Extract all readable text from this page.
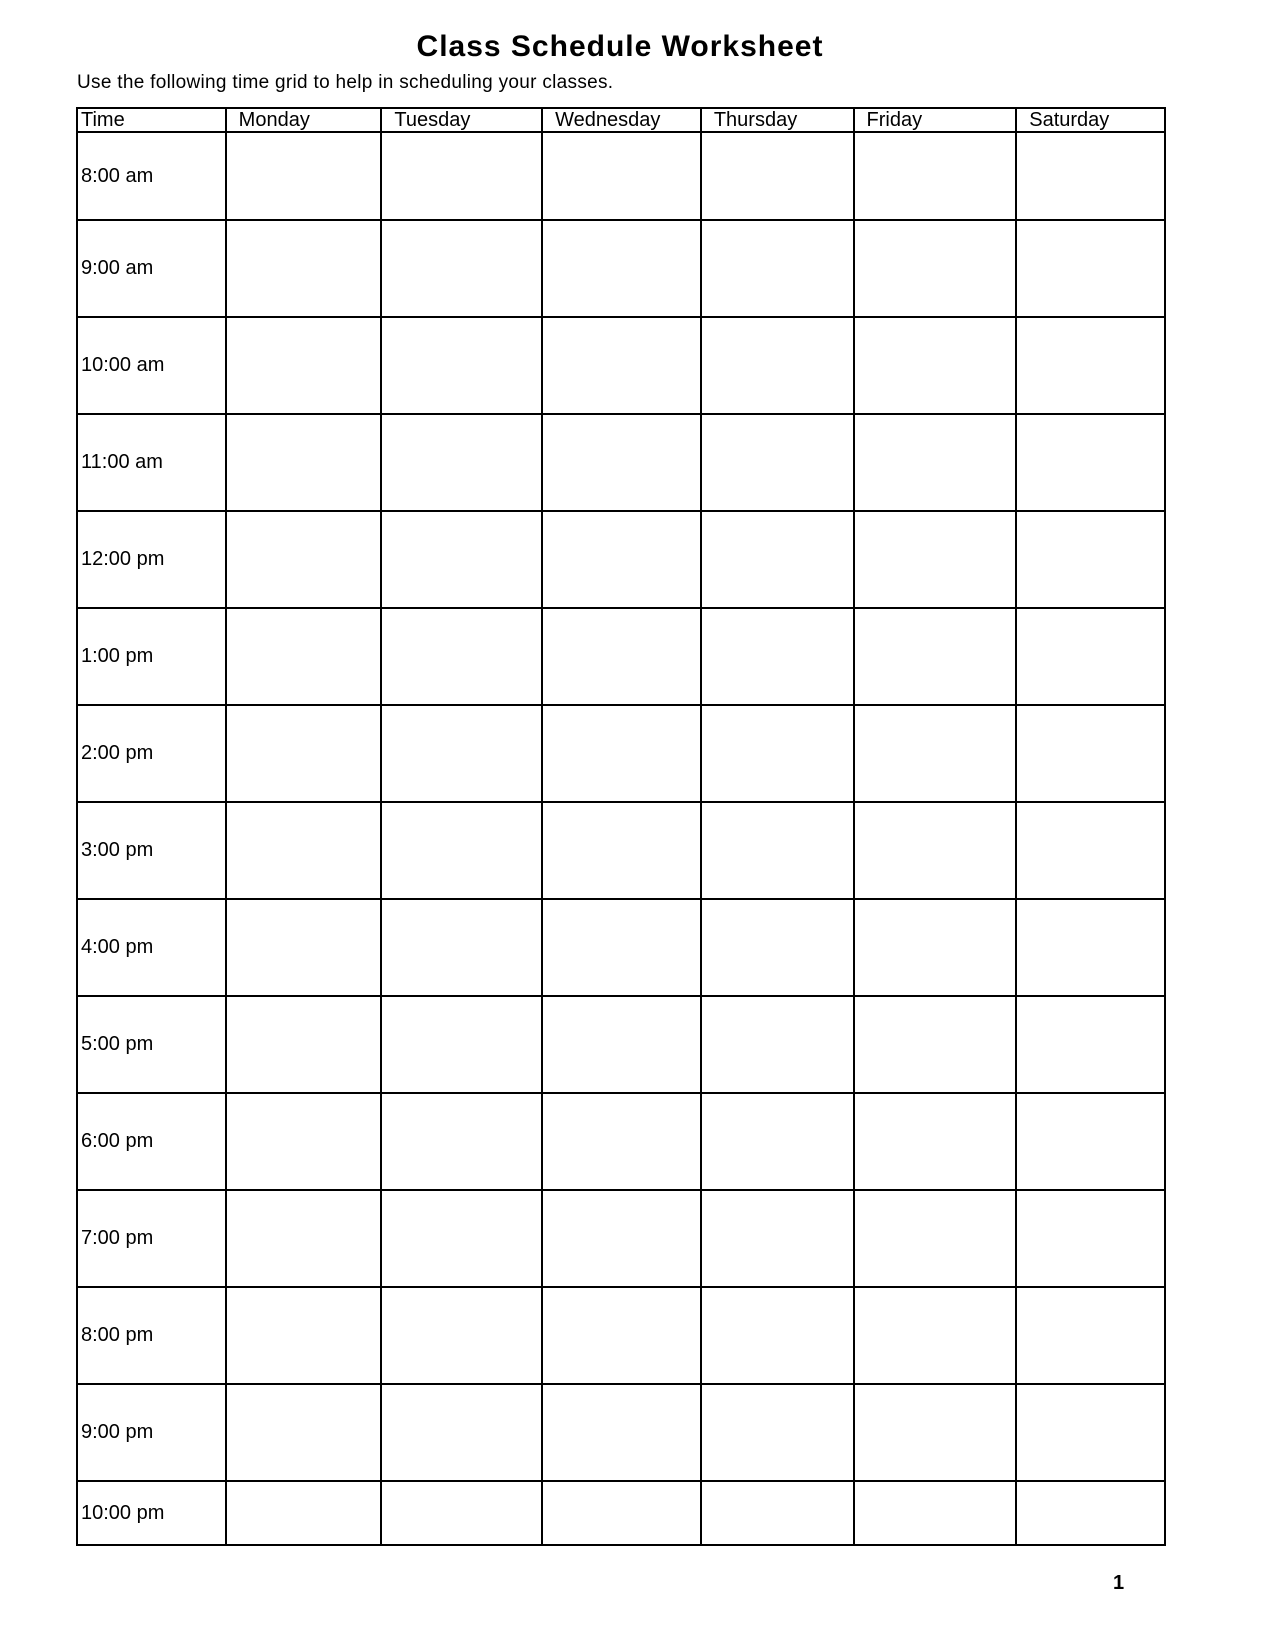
Class Schedule Worksheet
Use the following time grid to help in scheduling your classes.
Time	Monday	Tuesday	Wednesday	Thursday	Friday	Saturday
8:00 am						
9:00 am						
10:00 am						
11:00 am						
12:00 pm						
1:00 pm						
2:00 pm						
3:00 pm						
4:00 pm						
5:00 pm						
6:00 pm						
7:00 pm						
8:00 pm						
9:00 pm						
10:00 pm						
1
